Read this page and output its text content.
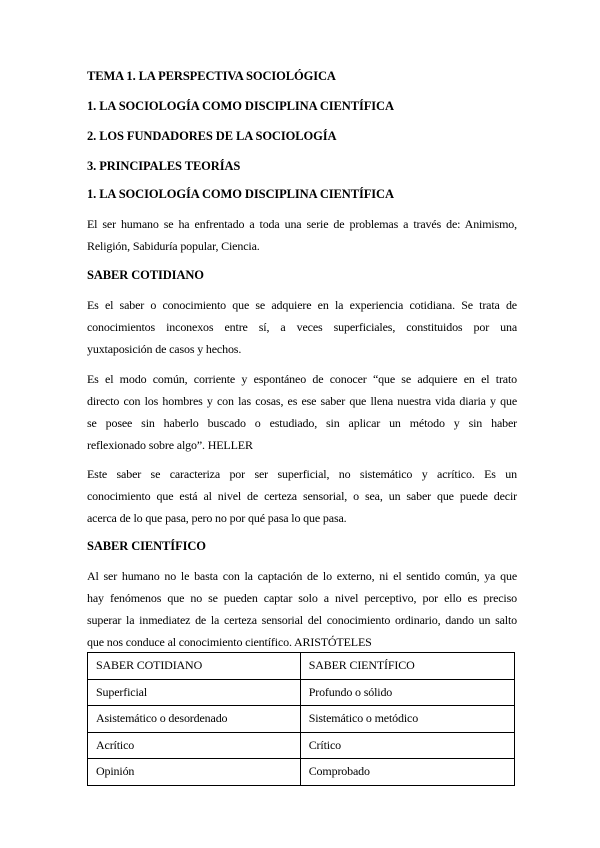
TEMA 1. LA PERSPECTIVA SOCIOLÓGICA
1. LA SOCIOLOGÍA COMO DISCIPLINA CIENTÍFICA
2. LOS FUNDADORES DE LA SOCIOLOGÍA
3. PRINCIPALES TEORÍAS
1. LA SOCIOLOGÍA COMO DISCIPLINA CIENTÍFICA
El ser humano se ha enfrentado a toda una serie de problemas a través de: Animismo,
Religión, Sabiduría popular, Ciencia.
SABER COTIDIANO
Es el saber o conocimiento que se adquiere en la experiencia cotidiana. Se trata de
conocimientos inconexos entre sí, a veces superficiales, constituidos por una
yuxtaposición de casos y hechos.
Es el modo común, corriente y espontáneo de conocer “que se adquiere en el trato
directo con los hombres y con las cosas, es ese saber que llena nuestra vida diaria y que
se posee sin haberlo buscado o estudiado, sin aplicar un método y sin haber
reflexionado sobre algo”. HELLER
Este saber se caracteriza por ser superficial, no sistemático y acrítico. Es un
conocimiento que está al nivel de certeza sensorial, o sea, un saber que puede decir
acerca de lo que pasa, pero no por qué pasa lo que pasa.
SABER CIENTÍFICO
Al ser humano no le basta con la captación de lo externo, ni el sentido común, ya que
hay fenómenos que no se pueden captar solo a nivel perceptivo, por ello es preciso
superar la inmediatez de la certeza sensorial del conocimiento ordinario, dando un salto
que nos conduce al conocimiento científico. ARISTÓTELES
SABER COTIDIANO	SABER CIENTÍFICO
Superficial	Profundo o sólido
Asistemático o desordenado	Sistemático o metódico
Acrítico	Crítico
Opinión	Comprobado
